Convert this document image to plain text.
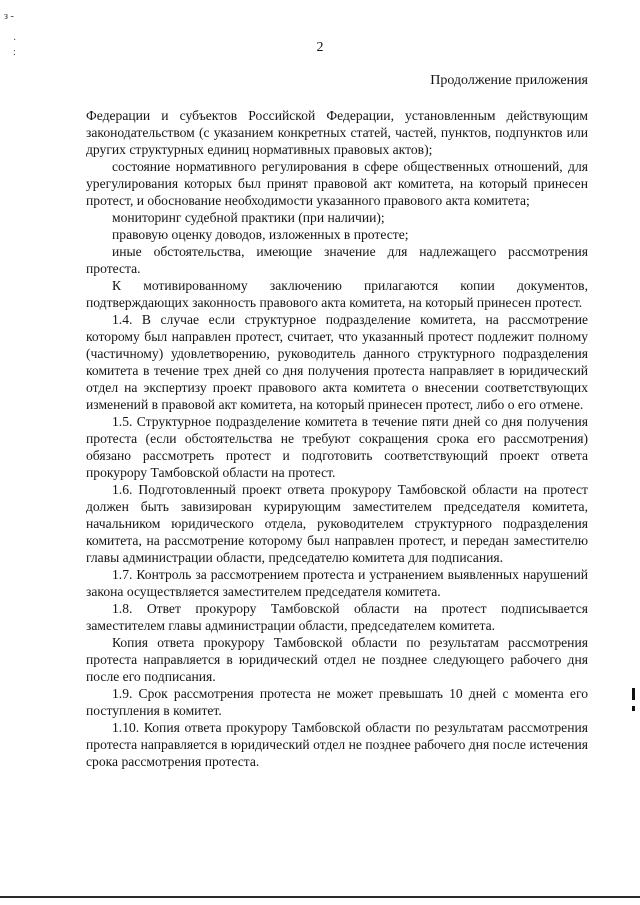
з -
·
:	2
Продолжение приложения

Федерации и субъектов Российской Федерации, установленным действующим законодательством (с указанием конкретных статей, частей, пунктов, подпунктов или других структурных единиц нормативных правовых актов);

состояние нормативного регулирования в сфере общественных отношений, для урегулирования которых был принят правовой акт комитета, на который принесен протест, и обоснование необходимости указанного правового акта комитета;

мониторинг судебной практики (при наличии);

правовую оценку доводов, изложенных в протесте;

иные обстоятельства, имеющие значение для надлежащего рассмотрения протеста.

К мотивированному заключению прилагаются копии документов, подтверждающих законность правового акта комитета, на который принесен протест.

1.4. В случае если структурное подразделение комитета, на рассмотрение которому был направлен протест, считает, что указанный протест подлежит полному (частичному) удовлетворению, руководитель данного структурного подразделения комитета в течение трех дней со дня получения протеста направляет в юридический отдел на экспертизу проект правового акта комитета о внесении соответствующих изменений в правовой акт комитета, на который принесен протест, либо о его отмене.

1.5. Структурное подразделение комитета в течение пяти дней со дня получения протеста (если обстоятельства не требуют сокращения срока его рассмотрения) обязано рассмотреть протест и подготовить соответствующий проект ответа прокурору Тамбовской области на протест.

1.6. Подготовленный проект ответа прокурору Тамбовской области на протест должен быть завизирован курирующим заместителем председателя комитета, начальником юридического отдела, руководителем структурного подразделения комитета, на рассмотрение которому был направлен протест, и передан заместителю главы администрации области, председателю комитета для подписания.

1.7. Контроль за рассмотрением протеста и устранением выявленных нарушений закона осуществляется заместителем председателя комитета.

1.8. Ответ прокурору Тамбовской области на протест подписывается заместителем главы администрации области, председателем комитета.

Копия ответа прокурору Тамбовской области по результатам рассмотрения протеста направляется в юридический отдел не позднее следующего рабочего дня после его подписания.

1.9. Срок рассмотрения протеста не может превышать 10 дней с момента его поступления в комитет.

1.10. Копия ответа прокурору Тамбовской области по результатам рассмотрения протеста направляется в юридический отдел не позднее рабочего дня после истечения срока рассмотрения протеста.
